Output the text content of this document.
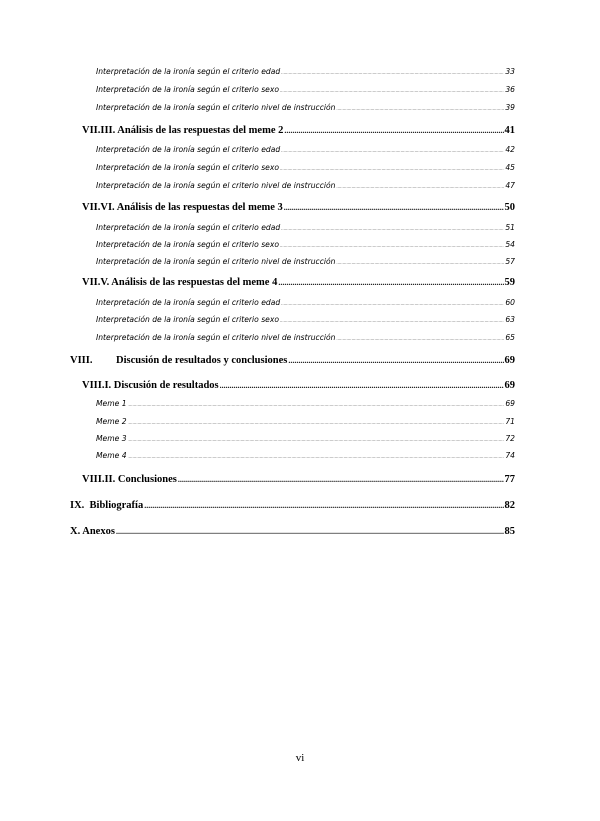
Interpretación de la ironía según el criterio edad .....	33
Interpretación de la ironía según el criterio sexo .....	36
Interpretación de la ironía según el criterio nivel de instrucción .....	39
VII.III. Análisis de las respuestas del meme 2 .....	41
Interpretación de la ironía según el criterio edad .....	42
Interpretación de la ironía según el criterio sexo .....	45
Interpretación de la ironía según el criterio nivel de instrucción .....	47
VII.VI. Análisis de las respuestas del meme 3 .....	50
Interpretación de la ironía según el criterio edad .....	51
Interpretación de la ironía según el criterio sexo .....	54
Interpretación de la ironía según el criterio nivel de instrucción .....	57
VII.V. Análisis de las respuestas del meme 4 .....	59
Interpretación de la ironía según el criterio edad .....	60
Interpretación de la ironía según el criterio sexo .....	63
Interpretación de la ironía según el criterio nivel de instrucción .....	65
VIII. Discusión de resultados y conclusiones .....	69
VIII.I. Discusión de resultados .....	69
Meme 1 .....	69
Meme 2 .....	71
Meme 3 .....	72
Meme 4 .....	74
VIII.II. Conclusiones .....	77
IX.  Bibliografía .....	82
X. Anexos .....	85
vi
